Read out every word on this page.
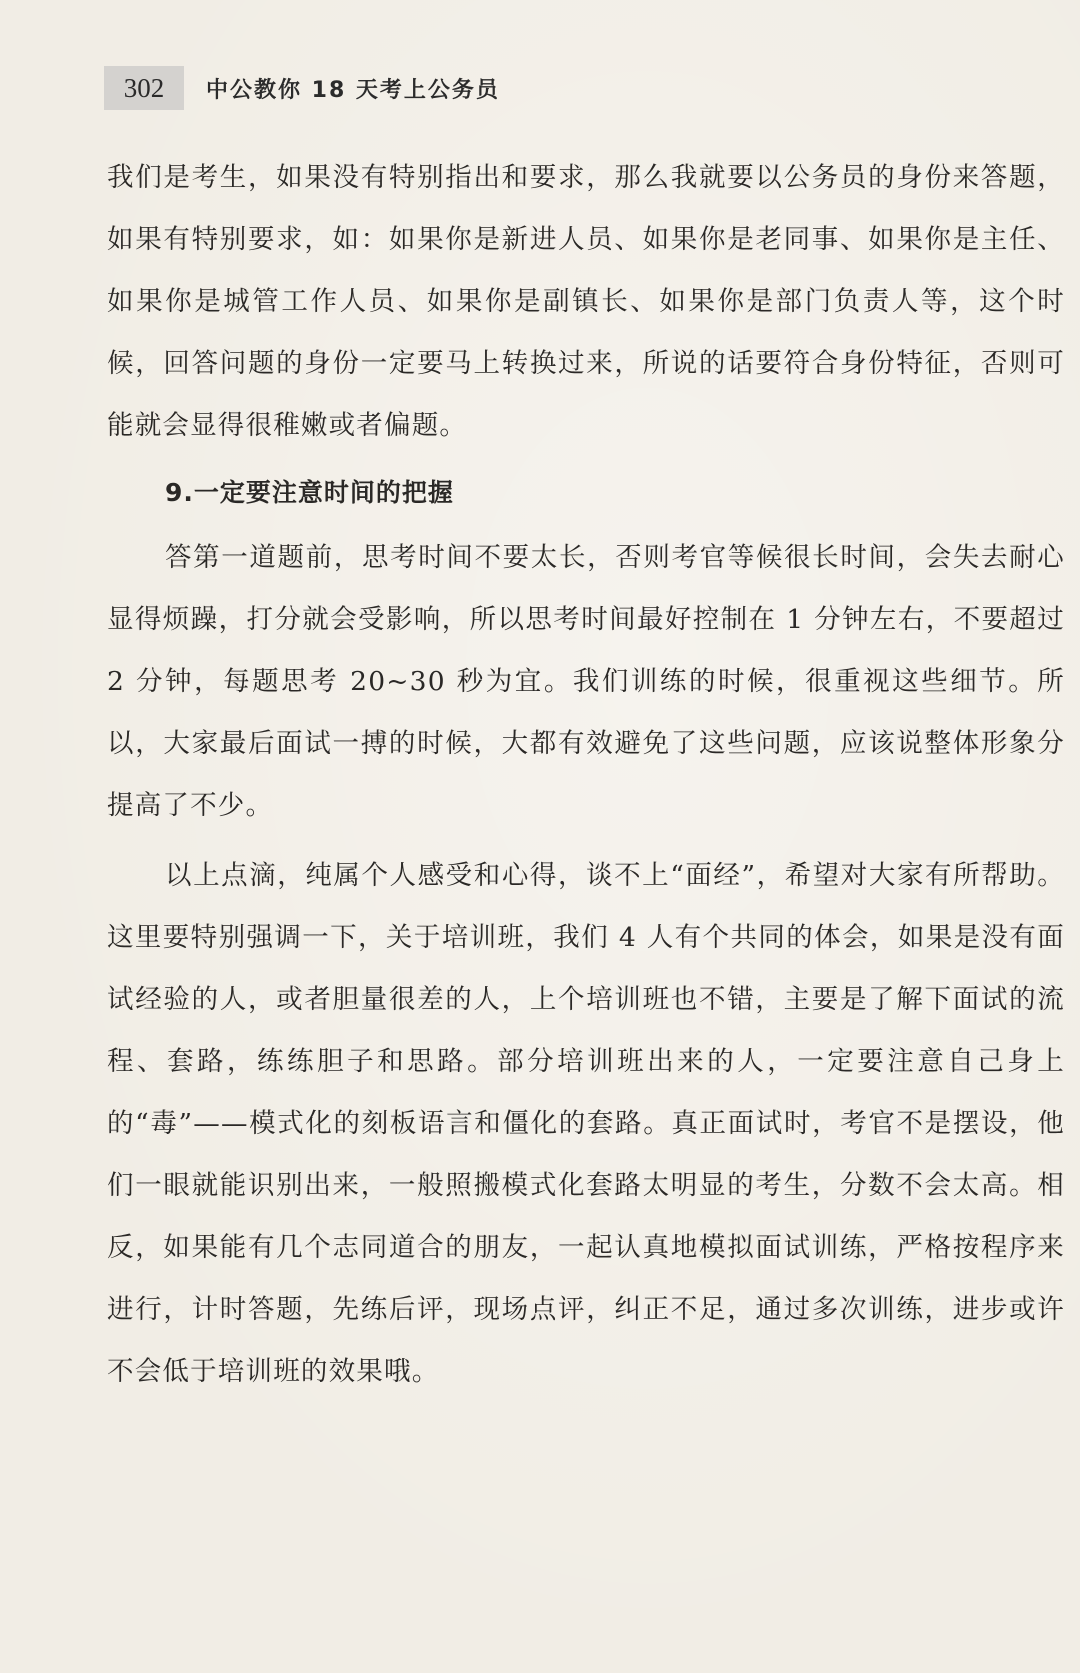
302	中公教你 18 天考上公务员

我们是考生，如果没有特别指出和要求，那么我就要以公务员的身份来答题，如果有特别要求，如：如果你是新进人员、如果你是老同事、如果你是主任、如果你是城管工作人员、如果你是副镇长、如果你是部门负责人等，这个时候，回答问题的身份一定要马上转换过来，所说的话要符合身份特征，否则可能就会显得很稚嫩或者偏题。

9.一定要注意时间的把握

答第一道题前，思考时间不要太长，否则考官等候很长时间，会失去耐心显得烦躁，打分就会受影响，所以思考时间最好控制在 1 分钟左右，不要超过 2 分钟，每题思考 20~30 秒为宜。我们训练的时候，很重视这些细节。所以，大家最后面试一搏的时候，大都有效避免了这些问题，应该说整体形象分提高了不少。

以上点滴，纯属个人感受和心得，谈不上“面经”，希望对大家有所帮助。这里要特别强调一下，关于培训班，我们 4 人有个共同的体会，如果是没有面试经验的人，或者胆量很差的人，上个培训班也不错，主要是了解下面试的流程、套路，练练胆子和思路。部分培训班出来的人，一定要注意自己身上的“毒”——模式化的刻板语言和僵化的套路。真正面试时，考官不是摆设，他们一眼就能识别出来，一般照搬模式化套路太明显的考生，分数不会太高。相反，如果能有几个志同道合的朋友，一起认真地模拟面试训练，严格按程序来进行，计时答题，先练后评，现场点评，纠正不足，通过多次训练，进步或许不会低于培训班的效果哦。
